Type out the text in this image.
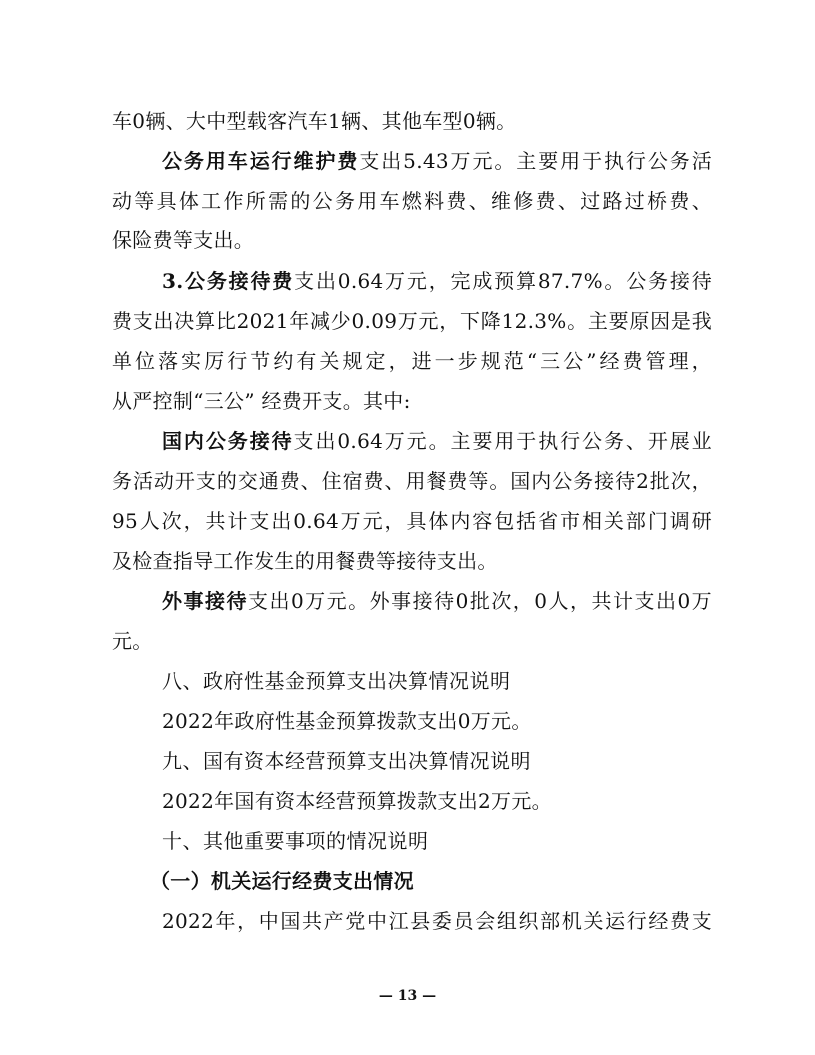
车0辆、大中型载客汽车1辆、其他车型0辆。
公务用车运行维护费支出5.43万元。主要用于执行公务活
动等具体工作所需的公务用车燃料费、维修费、过路过桥费、
保险费等支出。
3.公务接待费支出0.64万元，完成预算87.7%。公务接待
费支出决算比2021年减少0.09万元，下降12.3%。主要原因是我
单位落实厉行节约有关规定，进一步规范“三公”经费管理，
从严控制“三公” 经费开支。其中:
国内公务接待支出0.64万元。主要用于执行公务、开展业
务活动开支的交通费、住宿费、用餐费等。国内公务接待2批次，
95人次，共计支出0.64万元，具体内容包括省市相关部门调研
及检查指导工作发生的用餐费等接待支出。
外事接待支出0万元。外事接待0批次，0人，共计支出0万
元。
八、政府性基金预算支出决算情况说明
2022年政府性基金预算拨款支出0万元。
九、国有资本经营预算支出决算情况说明
2022年国有资本经营预算拨款支出2万元。
十、其他重要事项的情况说明
（一）机关运行经费支出情况
2022年，中国共产党中江县委员会组织部机关运行经费支
— 13 —
